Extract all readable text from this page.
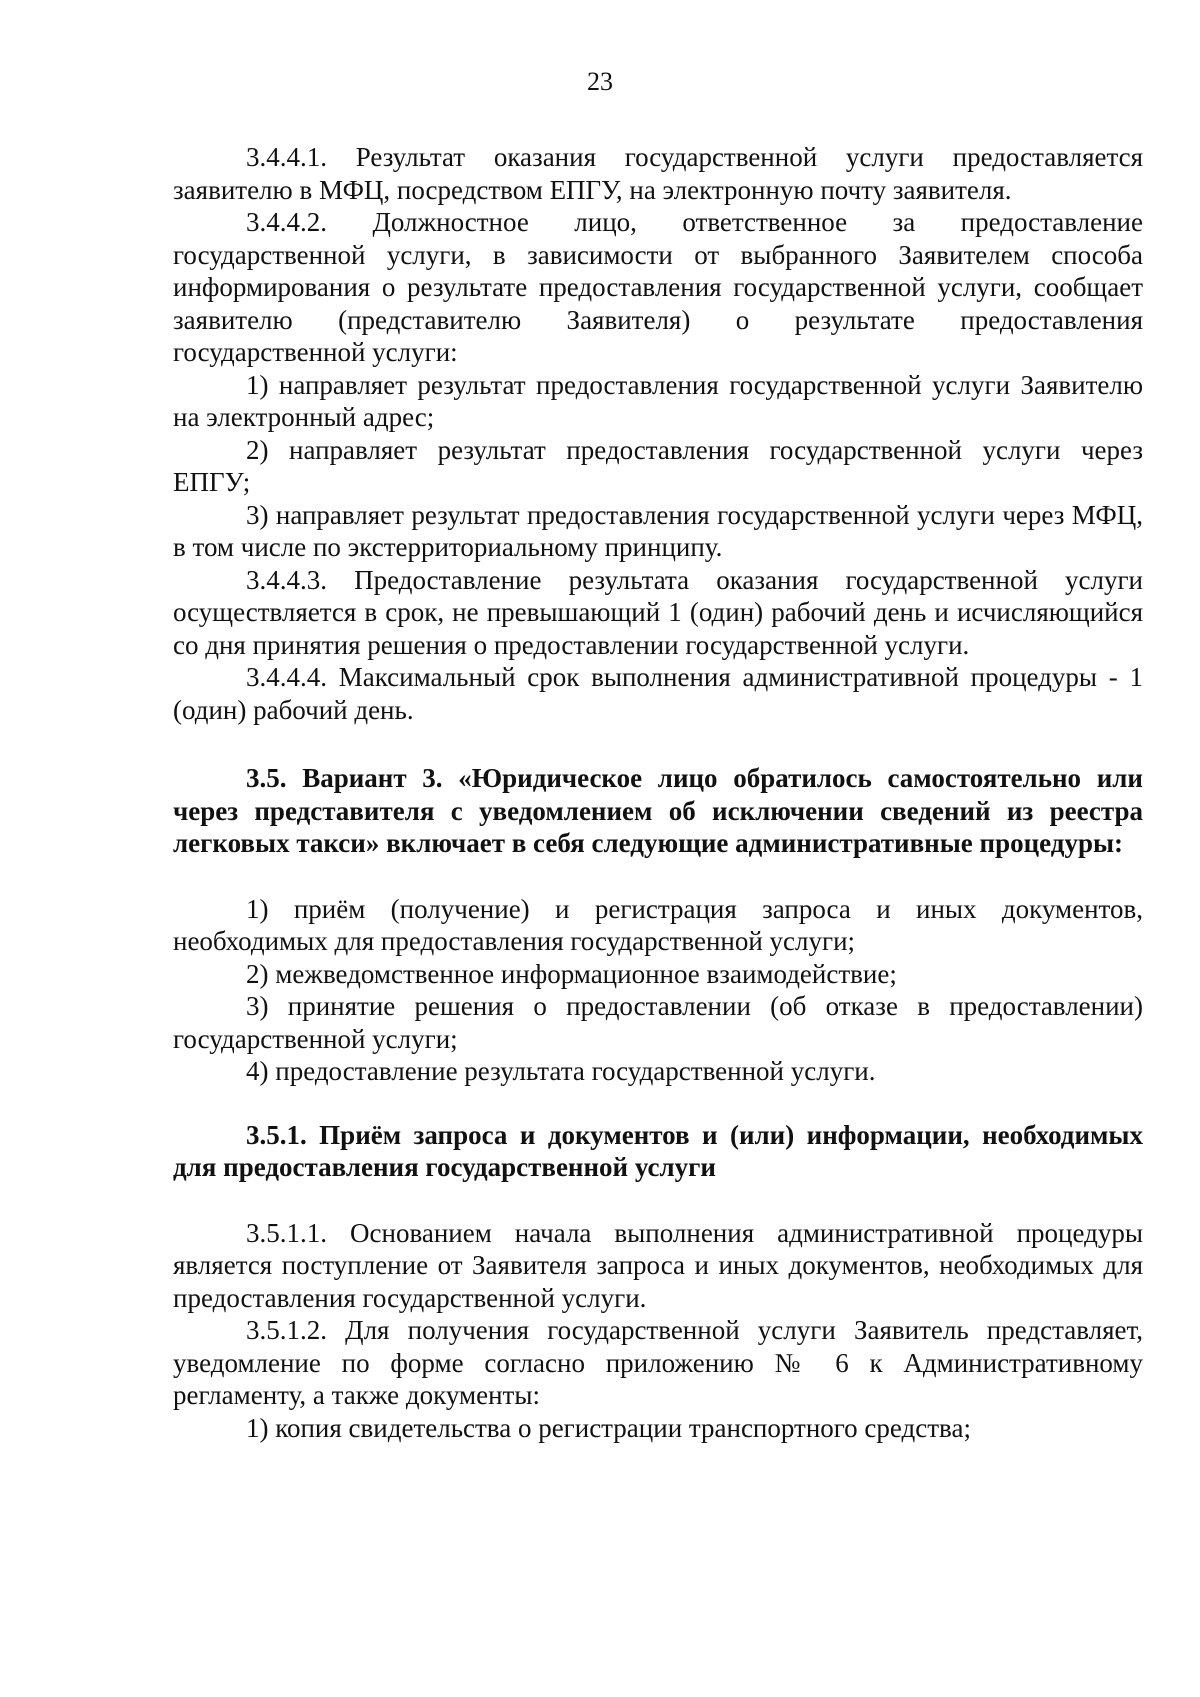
23

3.4.4.1. Результат оказания государственной услуги предоставляется заявителю в МФЦ, посредством ЕПГУ, на электронную почту заявителя.

3.4.4.2. Должностное лицо, ответственное за предоставление государственной услуги, в зависимости от выбранного Заявителем способа информирования о результате предоставления государственной услуги, сообщает заявителю (представителю Заявителя) о результате предоставления государственной услуги:

1) направляет результат предоставления государственной услуги Заявителю на электронный адрес;

2) направляет результат предоставления государственной услуги через ЕПГУ;

3) направляет результат предоставления государственной услуги через МФЦ, в том числе по экстерриториальному принципу.

3.4.4.3. Предоставление результата оказания государственной услуги осуществляется в срок, не превышающий 1 (один) рабочий день и исчисляющийся со дня принятия решения о предоставлении государственной услуги.

3.4.4.4. Максимальный срок выполнения административной процедуры - 1 (один) рабочий день.

3.5. Вариант 3. «Юридическое лицо обратилось самостоятельно или через представителя с уведомлением об исключении сведений из реестра легковых такси» включает в себя следующие административные процедуры:

1) приём (получение) и регистрация запроса и иных документов, необходимых для предоставления государственной услуги;

2) межведомственное информационное взаимодействие;

3) принятие решения о предоставлении (об отказе в предоставлении) государственной услуги;

4) предоставление результата государственной услуги.

3.5.1. Приём запроса и документов и (или) информации, необходимых для предоставления государственной услуги

3.5.1.1. Основанием начала выполнения административной процедуры является поступление от Заявителя запроса и иных документов, необходимых для предоставления государственной услуги.

3.5.1.2. Для получения государственной услуги Заявитель представляет, уведомление по форме согласно приложению № 6 к Административному регламенту, а также документы:

1) копия свидетельства о регистрации транспортного средства;
